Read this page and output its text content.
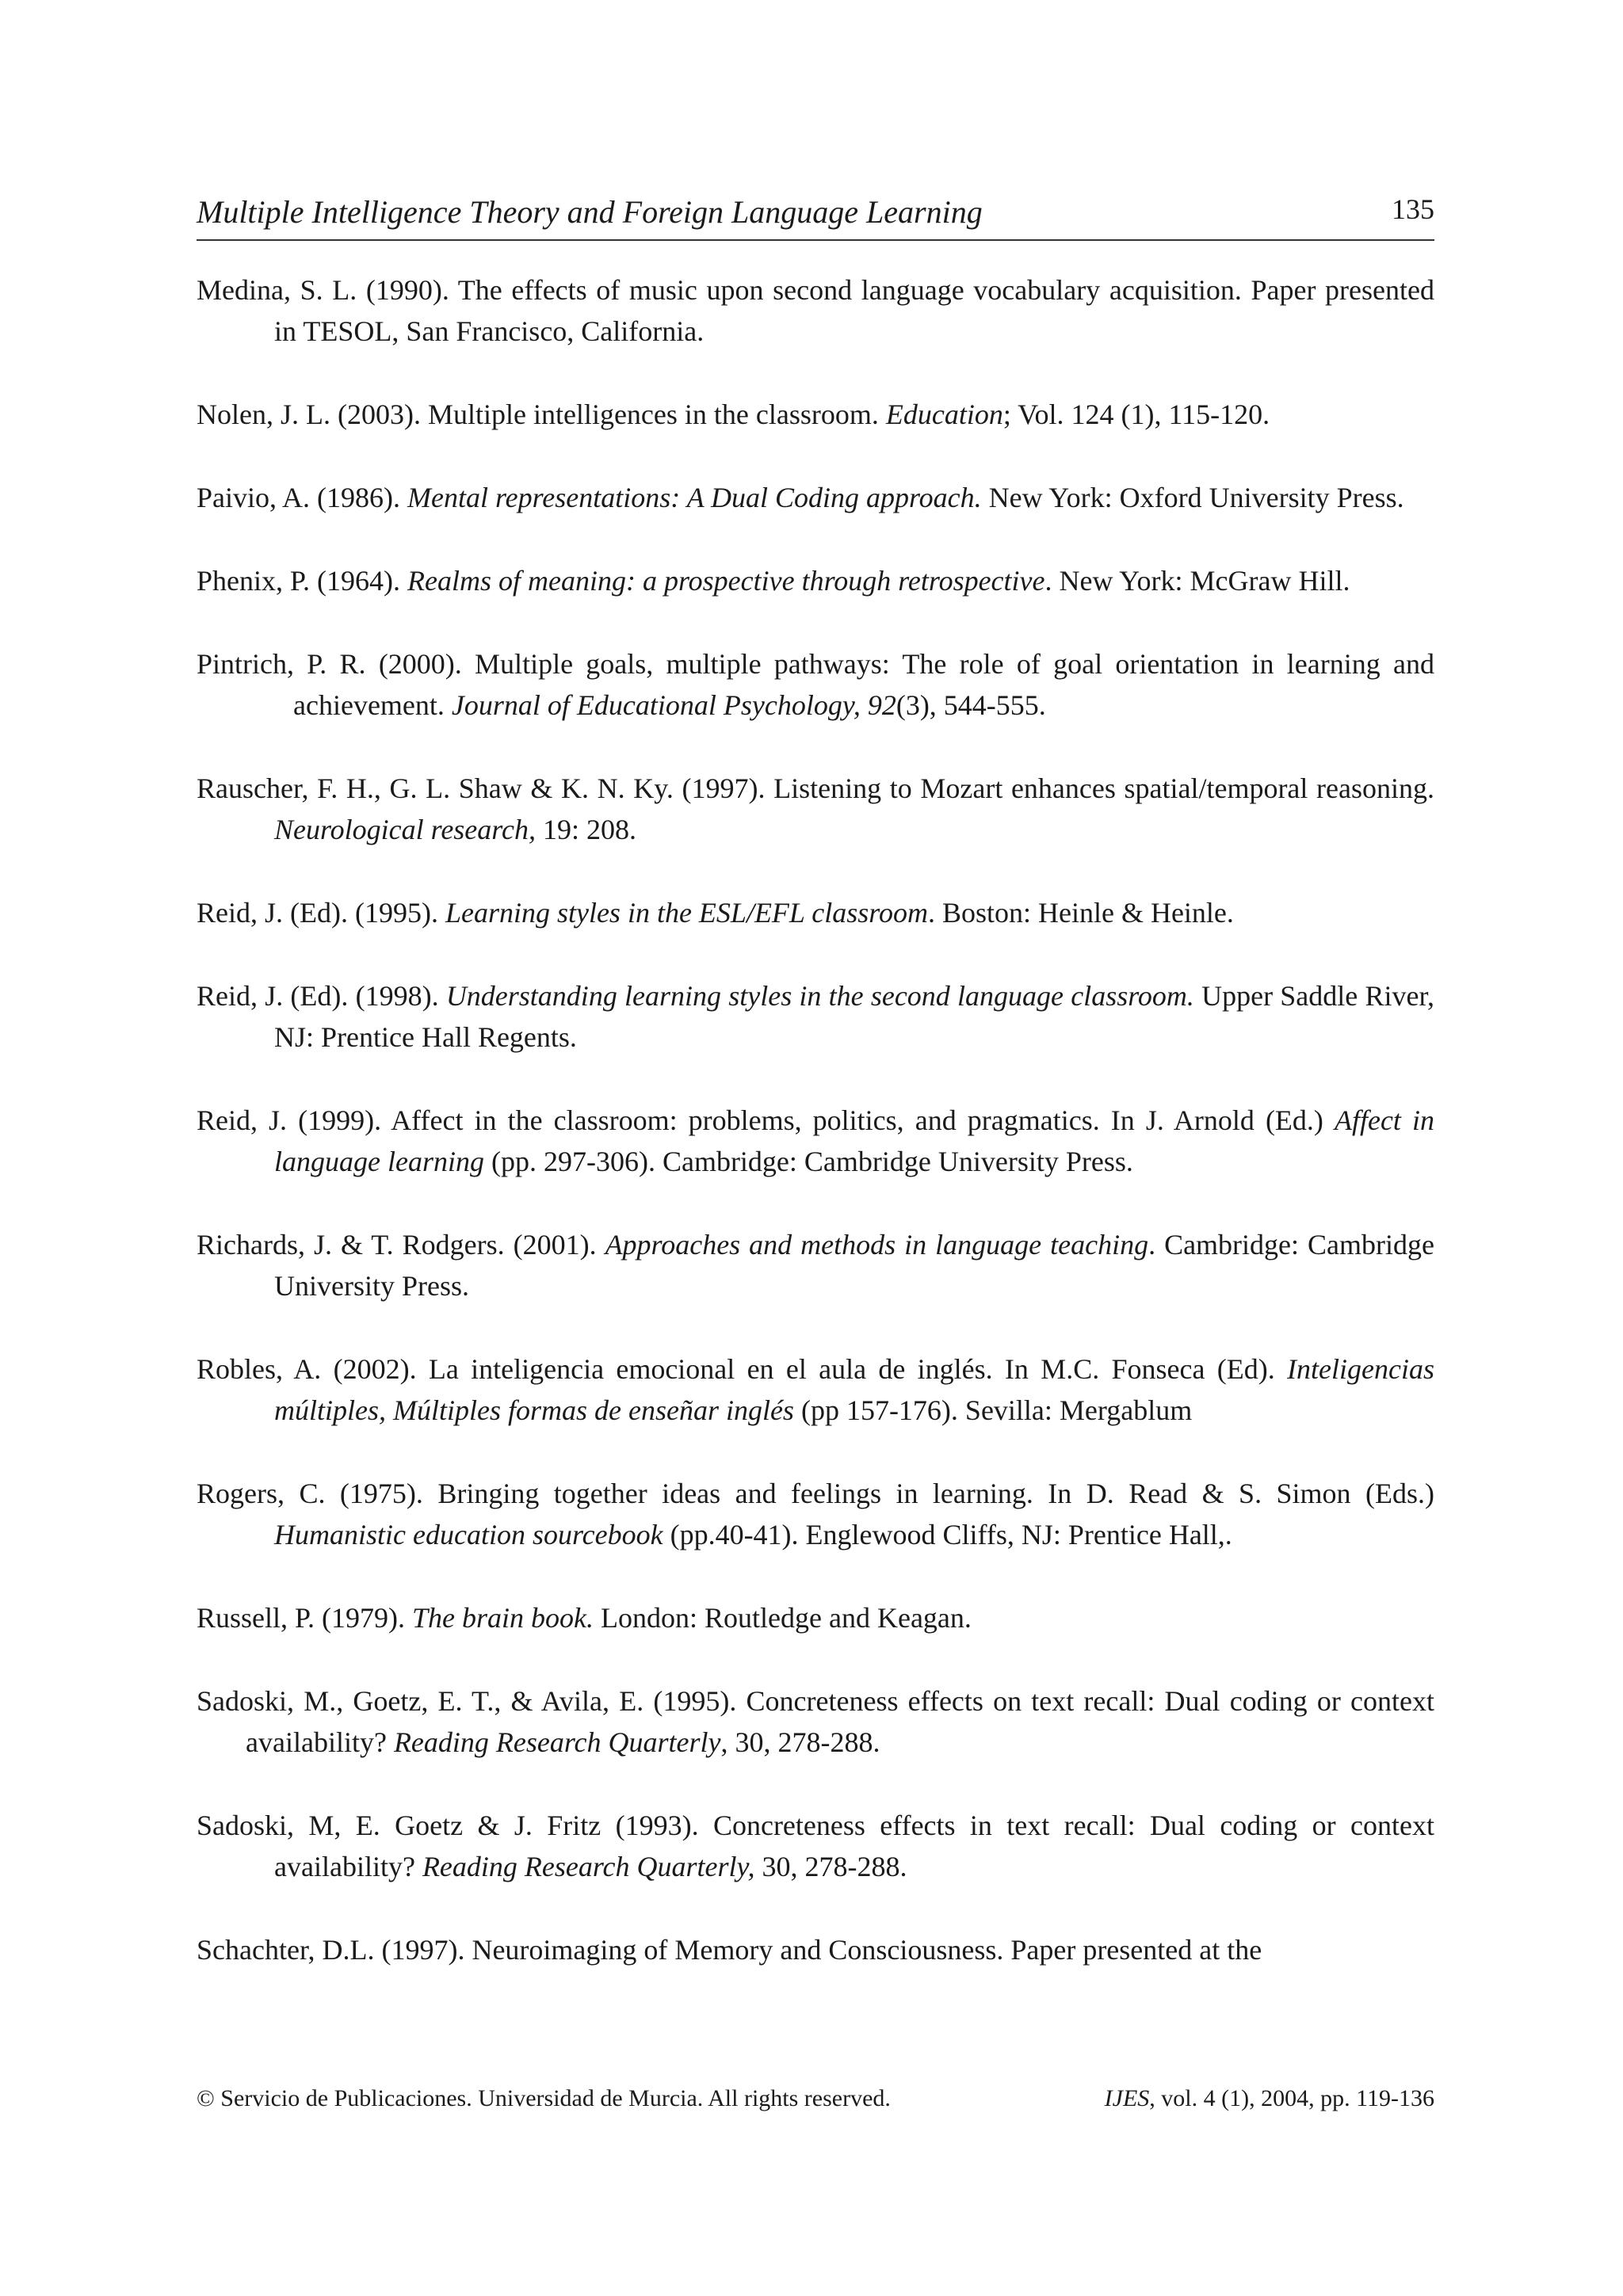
Multiple Intelligence Theory and Foreign Language Learning	135

Medina, S. L. (1990). The effects of music upon second language vocabulary acquisition. Paper presented in TESOL, San Francisco, California.

Nolen, J. L. (2003). Multiple intelligences in the classroom. Education; Vol. 124 (1), 115-120.

Paivio, A. (1986). Mental representations: A Dual Coding approach. New York: Oxford University Press.

Phenix, P. (1964). Realms of meaning: a prospective through retrospective. New York: McGraw Hill.

Pintrich, P. R. (2000). Multiple goals, multiple pathways: The role of goal orientation in learning and achievement. Journal of Educational Psychology, 92(3), 544-555.

Rauscher, F. H., G. L. Shaw & K. N. Ky. (1997). Listening to Mozart enhances spatial/temporal reasoning. Neurological research, 19: 208.

Reid, J. (Ed). (1995). Learning styles in the ESL/EFL classroom. Boston: Heinle & Heinle.

Reid, J. (Ed). (1998). Understanding learning styles in the second language classroom. Upper Saddle River, NJ: Prentice Hall Regents.

Reid, J. (1999). Affect in the classroom: problems, politics, and pragmatics. In J. Arnold (Ed.) Affect in language learning (pp. 297-306). Cambridge: Cambridge University Press.

Richards, J. & T. Rodgers. (2001). Approaches and methods in language teaching. Cambridge: Cambridge University Press.

Robles, A. (2002). La inteligencia emocional en el aula de inglés. In M.C. Fonseca (Ed). Inteligencias múltiples, Múltiples formas de enseñar inglés (pp 157-176). Sevilla: Mergablum

Rogers, C. (1975). Bringing together ideas and feelings in learning. In D. Read & S. Simon (Eds.) Humanistic education sourcebook (pp.40-41). Englewood Cliffs, NJ: Prentice Hall,.

Russell, P. (1979). The brain book. London: Routledge and Keagan.

Sadoski, M., Goetz, E. T., & Avila, E. (1995). Concreteness effects on text recall: Dual coding or context availability? Reading Research Quarterly, 30, 278-288.

Sadoski, M, E. Goetz & J. Fritz (1993). Concreteness effects in text recall: Dual coding or context availability? Reading Research Quarterly, 30, 278-288.

Schachter, D.L. (1997). Neuroimaging of Memory and Consciousness. Paper presented at the

© Servicio de Publicaciones. Universidad de Murcia. All rights reserved.	IJES, vol. 4 (1), 2004, pp. 119-136
